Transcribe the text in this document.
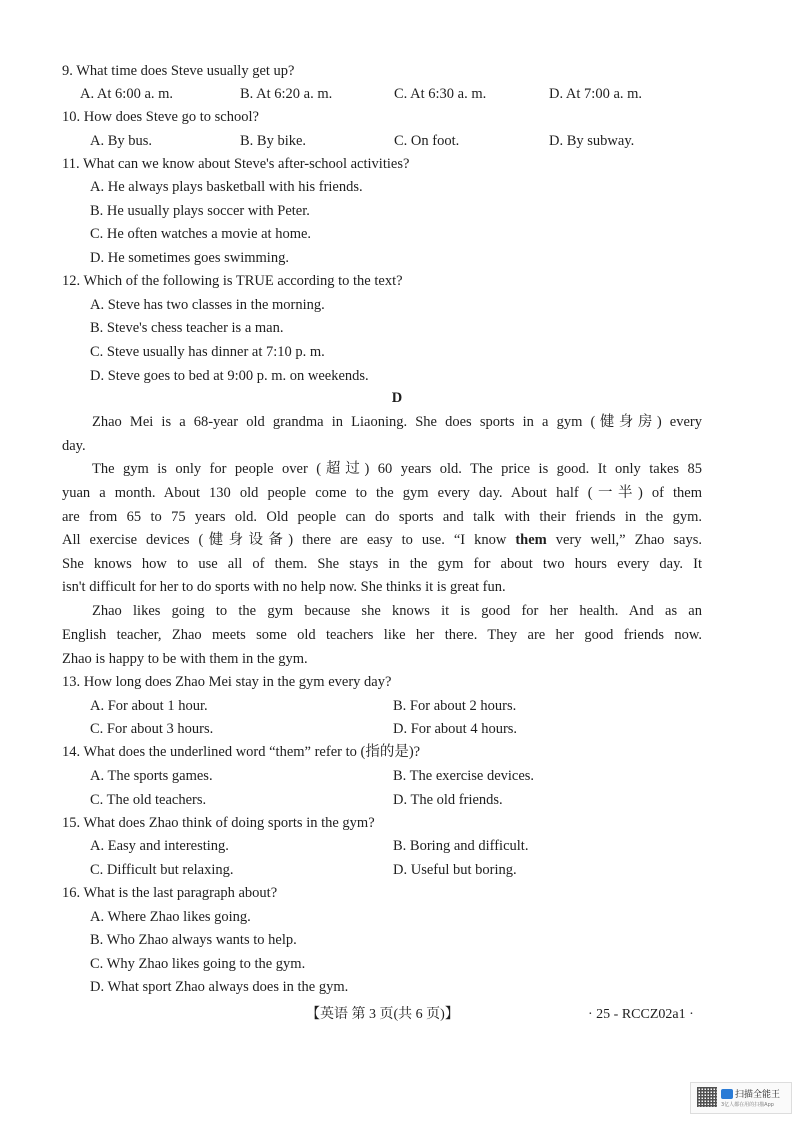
9. What time does Steve usually get up?
A. At 6:00 a. m.	B. At 6:20 a. m.	C. At 6:30 a. m.	D. At 7:00 a. m.
10. How does Steve go to school?
A. By bus.	B. By bike.	C. On foot.	D. By subway.
11. What can we know about Steve's after-school activities?
A. He always plays basketball with his friends.
B. He usually plays soccer with Peter.
C. He often watches a movie at home.
D. He sometimes goes swimming.
12. Which of the following is TRUE according to the text?
A. Steve has two classes in the morning.
B. Steve's chess teacher is a man.
C. Steve usually has dinner at 7:10 p. m.
D. Steve goes to bed at 9:00 p. m. on weekends.
D
Zhao Mei is a 68-year old grandma in Liaoning. She does sports in a gym (健身房) every
day.
The gym is only for people over (超过) 60 years old. The price is good. It only takes 85
yuan a month. About 130 old people come to the gym every day. About half (一半) of them
are from 65 to 75 years old. Old people can do sports and talk with their friends in the gym.
All exercise devices (健身设备) there are easy to use. “I know them very well,” Zhao says.
She knows how to use all of them. She stays in the gym for about two hours every day. It
isn't difficult for her to do sports with no help now. She thinks it is great fun.
Zhao likes going to the gym because she knows it is good for her health. And as an
English teacher, Zhao meets some old teachers like her there. They are her good friends now.
Zhao is happy to be with them in the gym.
13. How long does Zhao Mei stay in the gym every day?
A. For about 1 hour.	B. For about 2 hours.
C. For about 3 hours.	D. For about 4 hours.
14. What does the underlined word “them” refer to (指的是)?
A. The sports games.	B. The exercise devices.
C. The old teachers.	D. The old friends.
15. What does Zhao think of doing sports in the gym?
A. Easy and interesting.	B. Boring and difficult.
C. Difficult but relaxing.	D. Useful but boring.
16. What is the last paragraph about?
A. Where Zhao likes going.
B. Who Zhao always wants to help.
C. Why Zhao likes going to the gym.
D. What sport Zhao always does in the gym.
【英语 第 3 页(共 6 页)】	· 25 - RCCZ02a1 ·
扫描全能王
3亿人都在用的扫描App
